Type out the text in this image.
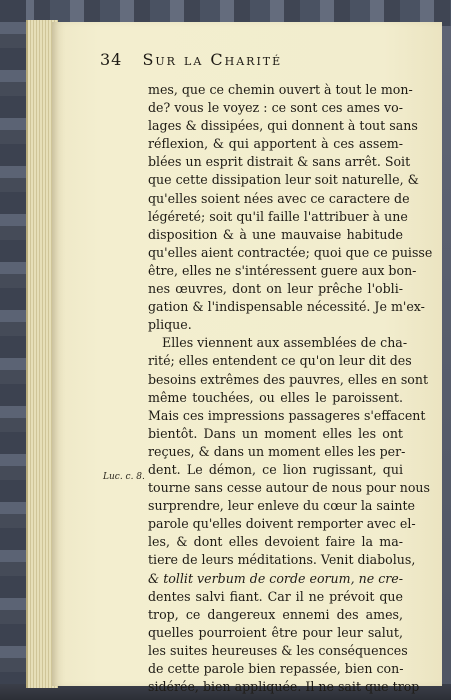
34 Sur la Charité
Luc. c. 8.
mes, que ce chemin ouvert à tout le mon-
de? vous le voyez : ce sont ces ames vo-
lages & dissipées, qui donnent à tout sans
réflexion, & qui apportent à ces assem-
blées un esprit distrait & sans arrêt. Soit
que cette dissipation leur soit naturelle, &
qu'elles soient nées avec ce caractere de
légéreté; soit qu'il faille l'attribuer à une
disposition & à une mauvaise habitude
qu'elles aient contractée; quoi que ce puisse
être, elles ne s'intéressent guere aux bon-
nes œuvres, dont on leur prêche l'obli-
gation & l'indispensable nécessité. Je m'ex-
plique.
Elles viennent aux assemblées de cha-
rité; elles entendent ce qu'on leur dit des
besoins extrêmes des pauvres, elles en sont
même touchées, ou elles le paroissent.
Mais ces impressions passageres s'effacent
bientôt. Dans un moment elles les ont
reçues, & dans un moment elles les per-
dent. Le démon, ce lion rugissant, qui
tourne sans cesse autour de nous pour nous
surprendre, leur enleve du cœur la sainte
parole qu'elles doivent remporter avec el-
les, & dont elles devoient faire la ma-
tiere de leurs méditations. Venit diabolus,
& tollit verbum de corde eorum, ne cre-
dentes salvi fiant. Car il ne prévoit que
trop, ce dangereux ennemi des ames,
quelles pourroient être pour leur salut,
les suites heureuses & les conséquences
de cette parole bien repassée, bien con-
sidérée, bien appliquée. Il ne sait que trop
